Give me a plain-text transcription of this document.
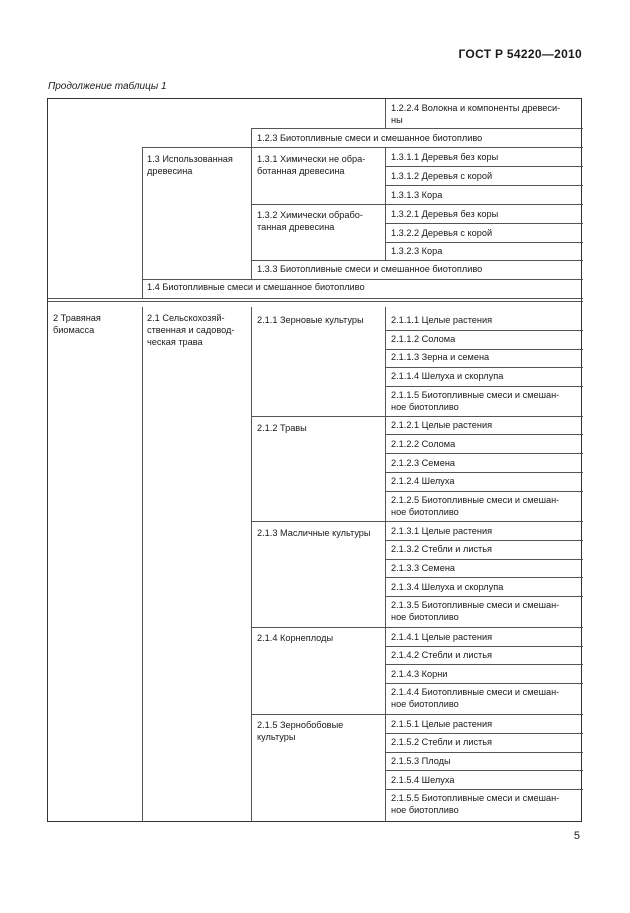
ГОСТ Р 54220—2010
Продолжение таблицы 1
2 Травяная
биомасса
1.3 Использованная
древесина
1.4 Биотопливные смеси и смешанное биотопливо
2.1 Сельскохозяй-
ственная и садовод-
ческая трава
1.2.3 Биотопливные смеси и смешанное биотопливо
1.3.1 Химически не обра-
ботанная древесина
1.3.2 Химически обрабо-
танная древесина
1.3.3 Биотопливные смеси и смешанное биотопливо
2.1.1 Зерновые культуры
2.1.2 Травы
2.1.3 Масличные культуры
2.1.4 Корнеплоды
2.1.5 Зернобобовые
культуры
1.2.2.4 Волокна и компоненты древеси-
ны
1.3.1.1 Деревья без коры
1.3.1.2 Деревья с корой
1.3.1.3 Кора
1.3.2.1 Деревья без коры
1.3.2.2 Деревья с корой
1.3.2.3 Кора
2.1.1.1 Целые растения
2.1.1.2 Солома
2.1.1.3 Зерна и семена
2.1.1.4 Шелуха и скорлупа
2.1.1.5 Биотопливные смеси и смешан-
ное биотопливо
2.1.2.1 Целые растения
2.1.2.2 Солома
2.1.2.3 Семена
2.1.2.4 Шелуха
2.1.2.5 Биотопливные смеси и смешан-
ное биотопливо
2.1.3.1 Целые растения
2.1.3.2 Стебли и листья
2.1.3.3 Семена
2.1.3.4 Шелуха и скорлупа
2.1.3.5 Биотопливные смеси и смешан-
ное биотопливо
2.1.4.1 Целые растения
2.1.4.2 Стебли и листья
2.1.4.3 Корни
2.1.4.4 Биотопливные смеси и смешан-
ное биотопливо
2.1.5.1 Целые растения
2.1.5.2 Стебли и листья
2.1.5.3 Плоды
2.1.5.4 Шелуха
2.1.5.5 Биотопливные смеси и смешан-
ное биотопливо
5
